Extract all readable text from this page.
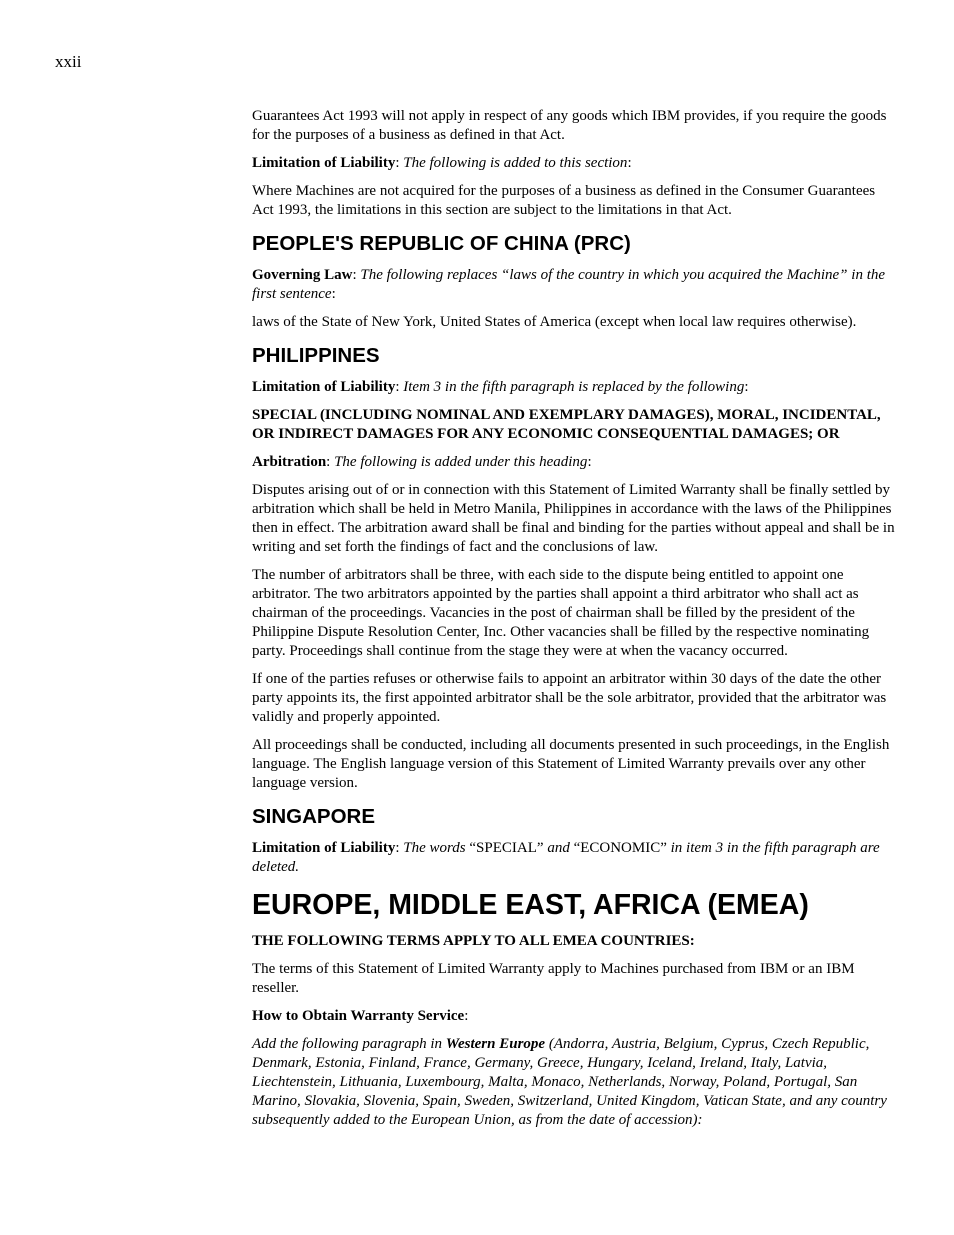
xxii

Guarantees Act 1993 will not apply in respect of any goods which IBM provides, if you require the goods for the purposes of a business as defined in that Act.

Limitation of Liability: The following is added to this section:

Where Machines are not acquired for the purposes of a business as defined in the Consumer Guarantees Act 1993, the limitations in this section are subject to the limitations in that Act.

PEOPLE'S REPUBLIC OF CHINA (PRC)

Governing Law: The following replaces “laws of the country in which you acquired the Machine” in the first sentence:

laws of the State of New York, United States of America (except when local law requires otherwise).

PHILIPPINES

Limitation of Liability: Item 3 in the fifth paragraph is replaced by the following:

SPECIAL (INCLUDING NOMINAL AND EXEMPLARY DAMAGES), MORAL, INCIDENTAL, OR INDIRECT DAMAGES FOR ANY ECONOMIC CONSEQUENTIAL DAMAGES; OR

Arbitration: The following is added under this heading:

Disputes arising out of or in connection with this Statement of Limited Warranty shall be finally settled by arbitration which shall be held in Metro Manila, Philippines in accordance with the laws of the Philippines then in effect. The arbitration award shall be final and binding for the parties without appeal and shall be in writing and set forth the findings of fact and the conclusions of law.

The number of arbitrators shall be three, with each side to the dispute being entitled to appoint one arbitrator. The two arbitrators appointed by the parties shall appoint a third arbitrator who shall act as chairman of the proceedings. Vacancies in the post of chairman shall be filled by the president of the Philippine Dispute Resolution Center, Inc. Other vacancies shall be filled by the respective nominating party. Proceedings shall continue from the stage they were at when the vacancy occurred.

If one of the parties refuses or otherwise fails to appoint an arbitrator within 30 days of the date the other party appoints its, the first appointed arbitrator shall be the sole arbitrator, provided that the arbitrator was validly and properly appointed.

All proceedings shall be conducted, including all documents presented in such proceedings, in the English language. The English language version of this Statement of Limited Warranty prevails over any other language version.

SINGAPORE

Limitation of Liability: The words “SPECIAL” and “ECONOMIC” in item 3 in the fifth paragraph are deleted.

EUROPE, MIDDLE EAST, AFRICA (EMEA)

THE FOLLOWING TERMS APPLY TO ALL EMEA COUNTRIES:

The terms of this Statement of Limited Warranty apply to Machines purchased from IBM or an IBM reseller.

How to Obtain Warranty Service:

Add the following paragraph in Western Europe (Andorra, Austria, Belgium, Cyprus, Czech Republic, Denmark, Estonia, Finland, France, Germany, Greece, Hungary, Iceland, Ireland, Italy, Latvia, Liechtenstein, Lithuania, Luxembourg, Malta, Monaco, Netherlands, Norway, Poland, Portugal, San Marino, Slovakia, Slovenia, Spain, Sweden, Switzerland, United Kingdom, Vatican State, and any country subsequently added to the European Union, as from the date of accession):
